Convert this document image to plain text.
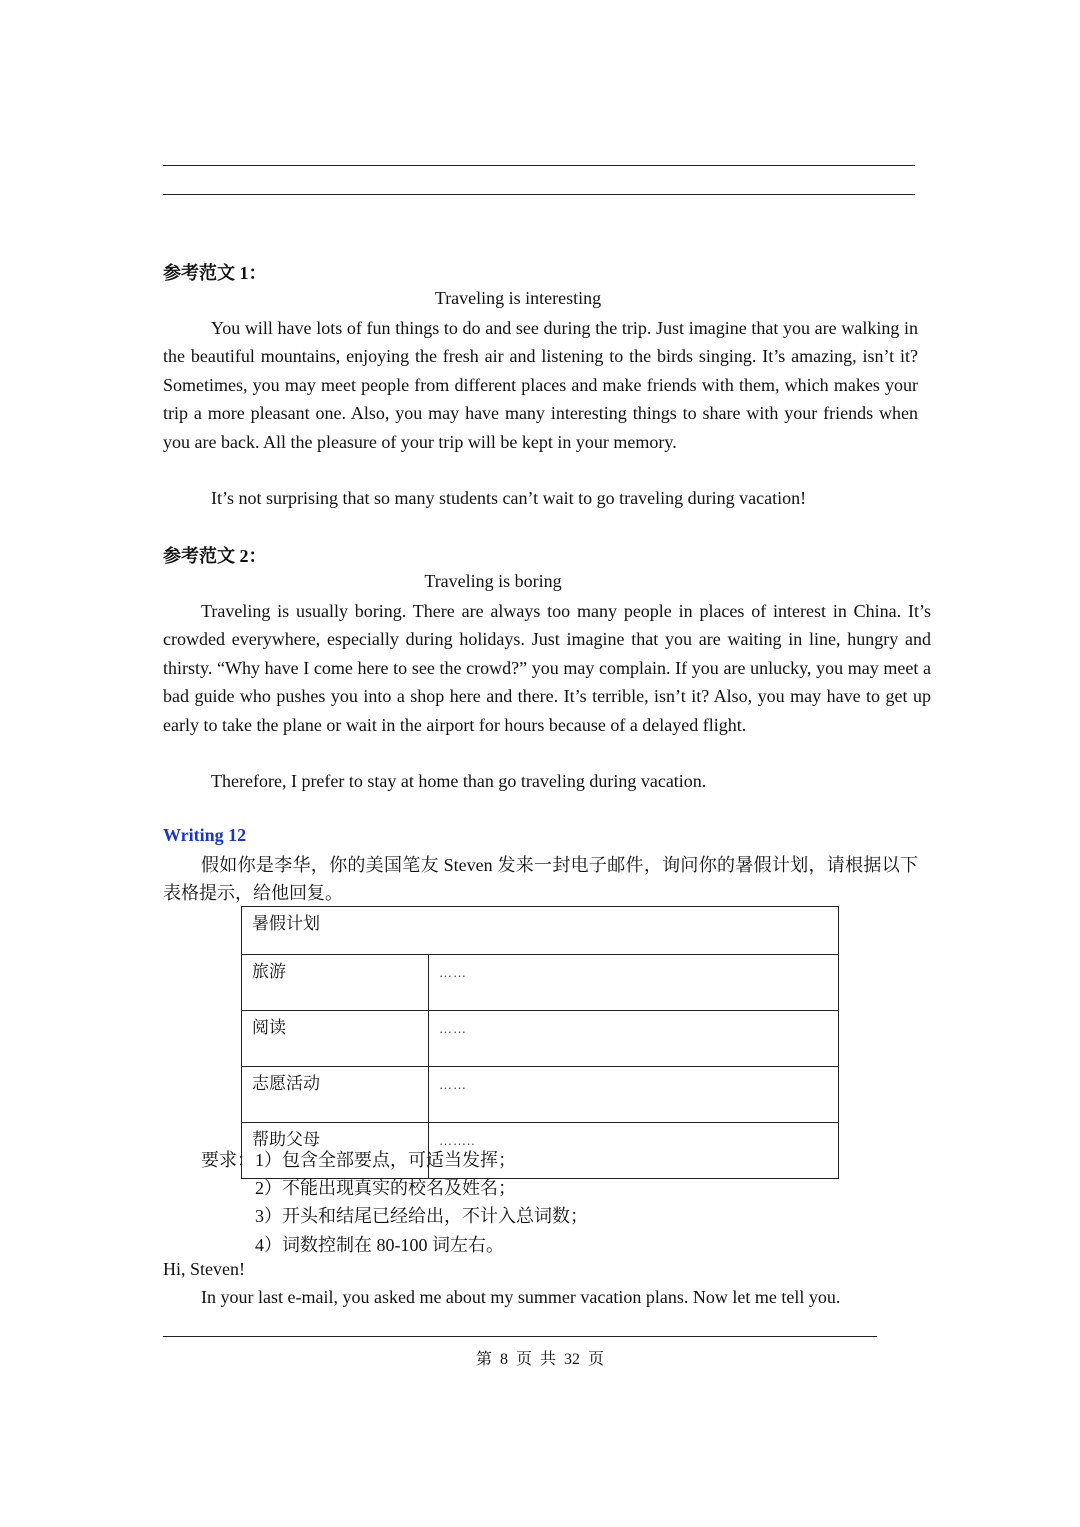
参考范文 1：
Traveling is interesting
You will have lots of fun things to do and see during the trip. Just imagine that you are walking in the beautiful mountains, enjoying the fresh air and listening to the birds singing. It’s amazing, isn’t it? Sometimes, you may meet people from different places and make friends with them, which makes your trip a more pleasant one. Also, you may have many interesting things to share with your friends when you are back. All the pleasure of your trip will be kept in your memory.
It’s not surprising that so many students can’t wait to go traveling during vacation!
参考范文 2：
Traveling is boring
Traveling is usually boring. There are always too many people in places of interest in China. It’s crowded everywhere, especially during holidays. Just imagine that you are waiting in line, hungry and thirsty. “Why have I come here to see the crowd?” you may complain. If you are unlucky, you may meet a bad guide who pushes you into a shop here and there. It’s terrible, isn’t it? Also, you may have to get up early to take the plane or wait in the airport for hours because of a delayed flight.
Therefore, I prefer to stay at home than go traveling during vacation.
Writing 12
假如你是李华，你的美国笔友 Steven 发来一封电子邮件，询问你的暑假计划，请根据以下表格提示，给他回复。
暑假计划	
旅游	……
阅读	……
志愿活动	……
帮助父母	……..
要求： 1）包含全部要点，可适当发挥；
2）不能出现真实的校名及姓名；
3）开头和结尾已经给出，不计入总词数；
4）词数控制在 80-100 词左右。
Hi, Steven!
In your last e-mail, you asked me about my summer vacation plans. Now let me tell you.
第 8 页 共 32 页
